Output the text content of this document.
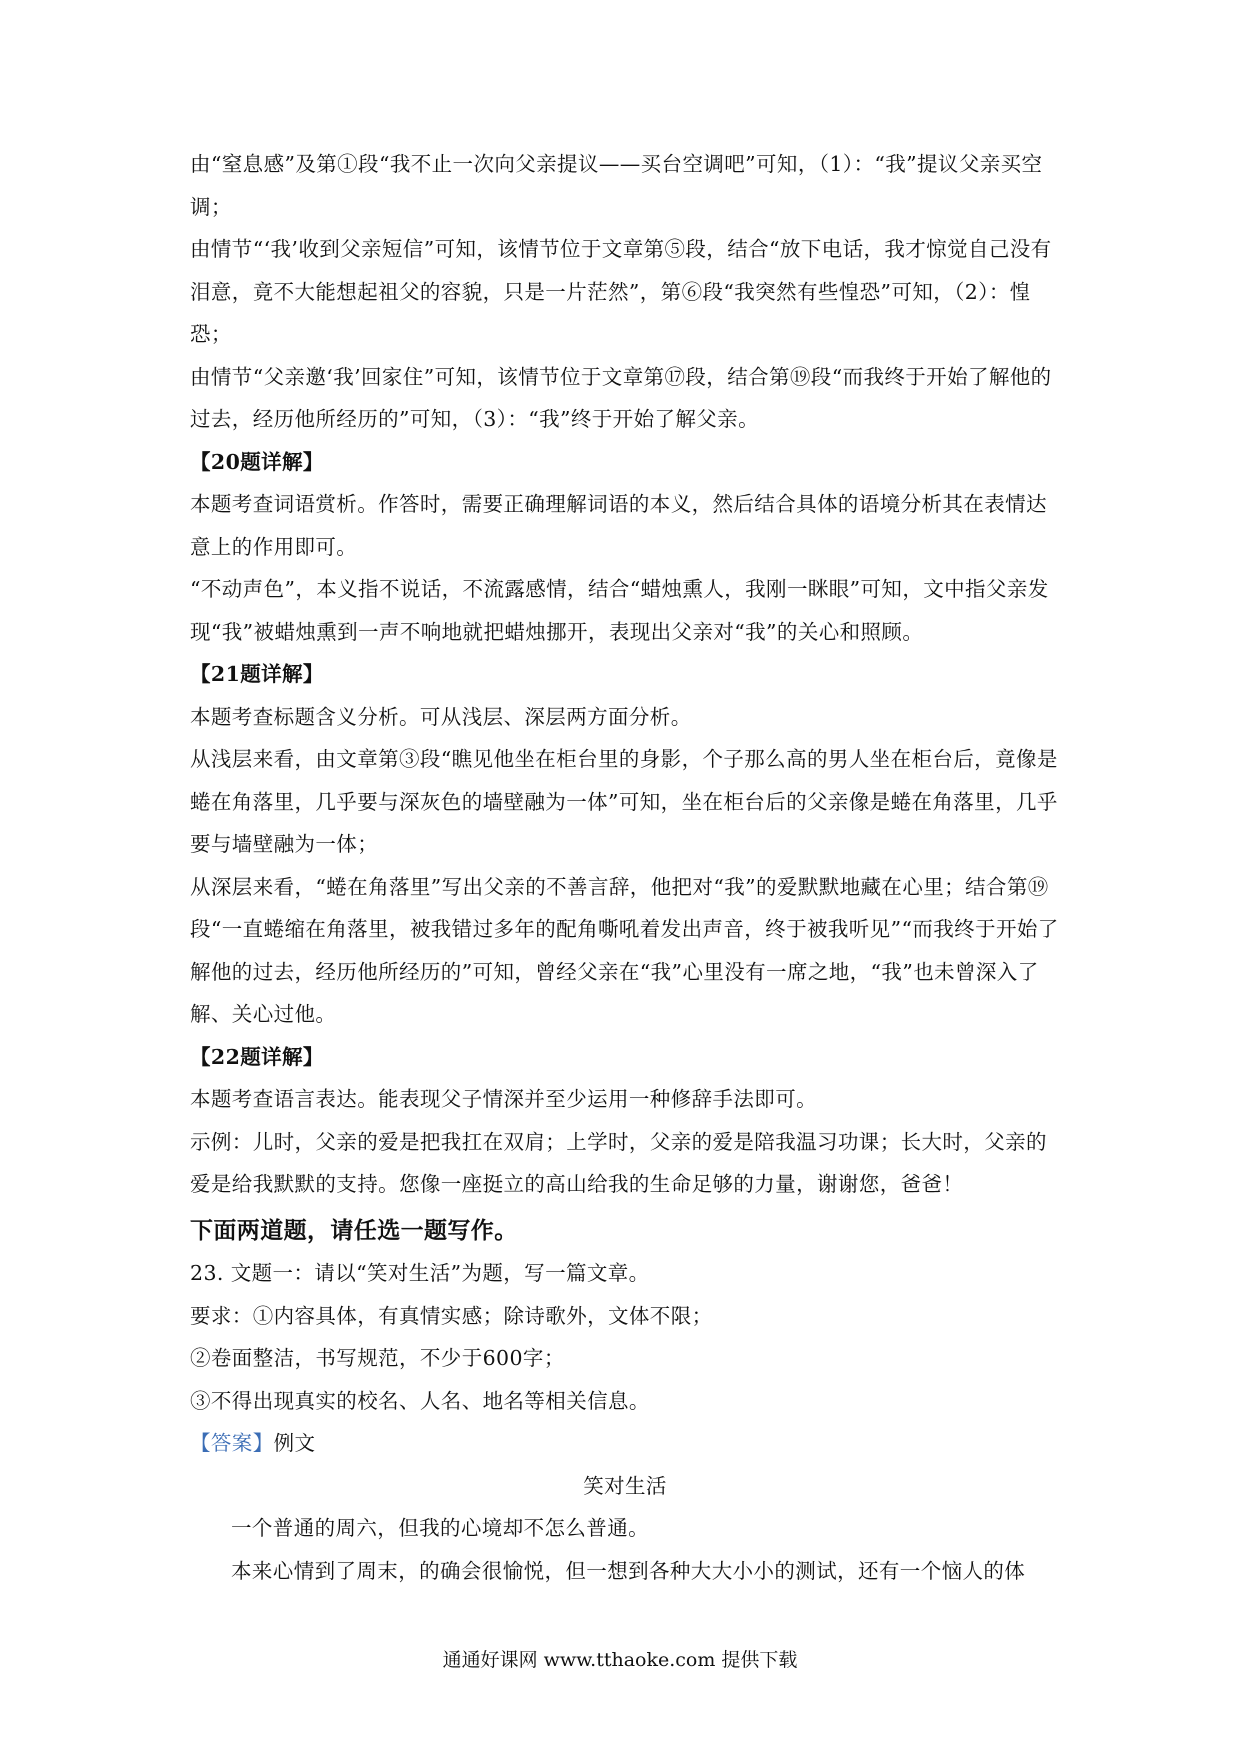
由“窒息感”及第①段“我不止一次向父亲提议——买台空调吧”可知，（1）：“我”提议父亲买空调；

由情节“‘我’收到父亲短信”可知，该情节位于文章第⑤段，结合“放下电话，我才惊觉自己没有泪意，竟不大能想起祖父的容貌，只是一片茫然”，第⑥段“我突然有些惶恐”可知，（2）：惶恐；

由情节“父亲邀‘我’回家住”可知，该情节位于文章第⑰段，结合第⑲段“而我终于开始了解他的过去，经历他所经历的”可知，（3）：“我”终于开始了解父亲。

【20题详解】

本题考查词语赏析。作答时，需要正确理解词语的本义，然后结合具体的语境分析其在表情达意上的作用即可。

“不动声色”，本义指不说话，不流露感情，结合“蜡烛熏人，我刚一眯眼”可知，文中指父亲发现“我”被蜡烛熏到一声不响地就把蜡烛挪开，表现出父亲对“我”的关心和照顾。

【21题详解】

本题考查标题含义分析。可从浅层、深层两方面分析。

从浅层来看，由文章第③段“瞧见他坐在柜台里的身影，个子那么高的男人坐在柜台后，竟像是蜷在角落里，几乎要与深灰色的墙壁融为一体”可知，坐在柜台后的父亲像是蜷在角落里，几乎要与墙壁融为一体；

从深层来看，“蜷在角落里”写出父亲的不善言辞，他把对“我”的爱默默地藏在心里；结合第⑲段“一直蜷缩在角落里，被我错过多年的配角嘶吼着发出声音，终于被我听见”“而我终于开始了解他的过去，经历他所经历的”可知，曾经父亲在“我”心里没有一席之地，“我”也未曾深入了解、关心过他。

【22题详解】

本题考查语言表达。能表现父子情深并至少运用一种修辞手法即可。

示例：儿时，父亲的爱是把我扛在双肩；上学时，父亲的爱是陪我温习功课；长大时，父亲的爱是给我默默的支持。您像一座挺立的高山给我的生命足够的力量，谢谢您，爸爸！

下面两道题，请任选一题写作。

23. 文题一：请以“笑对生活”为题，写一篇文章。

要求：①内容具体，有真情实感；除诗歌外，文体不限；

②卷面整洁，书写规范，不少于600字；

③不得出现真实的校名、人名、地名等相关信息。

【答案】例文

笑对生活

一个普通的周六，但我的心境却不怎么普通。

本来心情到了周末，的确会很愉悦，但一想到各种大大小小的测试，还有一个恼人的体

通通好课网 www.tthaoke.com 提供下载
